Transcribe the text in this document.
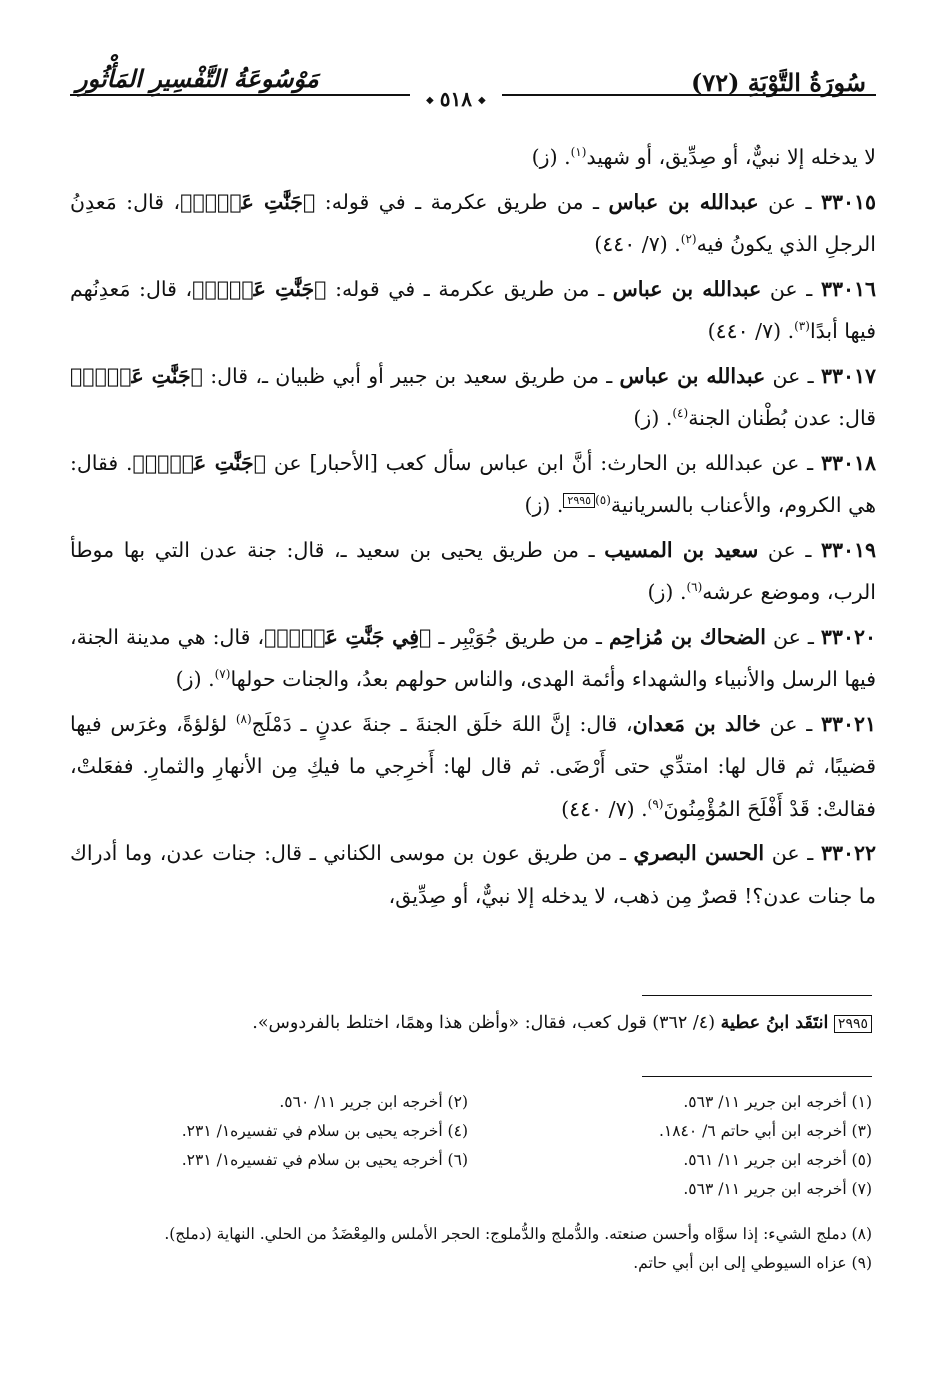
سُورَةُ التَّوْبَةِ (٧٢)
مَوْسُوعَةُ التَّفْسِيرِ المَأْثُورِ
◆ ٥١٨ ◆

لا يدخله إلا نبيٌّ، أو صِدِّيق، أو شهيد$^{(١)}$. (ز)

٣٣٠١٥ ـ عن عبدالله بن عباس ـ من طريق عكرمة ـ في قوله: ﴿جَنَّٰتِ عَدۡنٖ﴾، قال: مَعدِنُ الرجلِ الذي يكونُ فيه$^{(٢)}$. (٧/ ٤٤٠)

٣٣٠١٦ ـ عن عبدالله بن عباس ـ من طريق عكرمة ـ في قوله: ﴿جَنَّٰتِ عَدۡنٖ﴾، قال: مَعدِنُهم فيها أبدًا$^{(٣)}$. (٧/ ٤٤٠)

٣٣٠١٧ ـ عن عبدالله بن عباس ـ من طريق سعيد بن جبير أو أبي ظبيان ـ، قال: ﴿جَنَّٰتِ عَدۡنٖ﴾ قال: عدن بُطْنان الجنة$^{(٤)}$. (ز)

٣٣٠١٨ ـ عن عبدالله بن الحارث: أنَّ ابن عباس سأل كعب [الأحبار] عن ﴿جَنَّٰتِ عَدۡنٖ﴾. فقال: هي الكروم، والأعناب بالسريانية$^{(٥)}$٢٩٩٥. (ز)

٣٣٠١٩ ـ عن سعيد بن المسيب ـ من طريق يحيى بن سعيد ـ، قال: جنة عدن التي بها موطأ الرب، وموضع عرشه$^{(٦)}$. (ز)

٣٣٠٢٠ ـ عن الضحاك بن مُزاحِم ـ من طريق جُوَيْبِر ـ ﴿فِي جَنَّٰتِ عَدۡنٖ﴾، قال: هي مدينة الجنة، فيها الرسل والأنبياء والشهداء وأئمة الهدى، والناس حولهم بعدُ، والجنات حولها$^{(٧)}$. (ز)

٣٣٠٢١ ـ عن خالد بن مَعدان، قال: إنَّ اللهَ خلَق الجنةَ ـ جنةَ عدنٍ ـ دَمْلَج$^{(٨)}$ لؤلؤةً، وغرَس فيها قضيبًا، ثم قال لها: امتدِّي حتى أَرْضَى. ثم قال لها: أَخرِجي ما فيكِ مِن الأنهارِ والثمارِ. ففعَلتْ، فقالتْ: قَدْ أَفْلَحَ المُؤْمِنُونَ$^{(٩)}$. (٧/ ٤٤٠)

٣٣٠٢٢ ـ عن الحسن البصري ـ من طريق عون بن موسى الكناني ـ قال: جنات عدن، وما أدراك ما جنات عدن؟! قصرٌ مِن ذهب، لا يدخله إلا نبيٌّ، أو صِدِّيق،

٢٩٩٥ انتَقَد ابنُ عطية (٤/ ٣٦٢) قول كعب، فقال: «وأظن هذا وهمًا، اختلط بالفردوس».
(١) أخرجه ابن جرير ١١/ ٥٦٣.
(٢) أخرجه ابن جرير ١١/ ٥٦٠.
(٣) أخرجه ابن أبي حاتم ٦/ ١٨٤٠.
(٤) أخرجه يحيى بن سلام في تفسيره١/ ٢٣١.
(٥) أخرجه ابن جرير ١١/ ٥٦١.
(٦) أخرجه يحيى بن سلام في تفسيره١/ ٢٣١.
(٧) أخرجه ابن جرير ١١/ ٥٦٣.
(٨) دملج الشيء: إذا سوَّاه وأحسن صنعته. والدُّملج والدُّملوج: الحجر الأملس والمِعْضَدُ من الحلي. النهاية (دملج).
(٩) عزاه السيوطي إلى ابن أبي حاتم.
